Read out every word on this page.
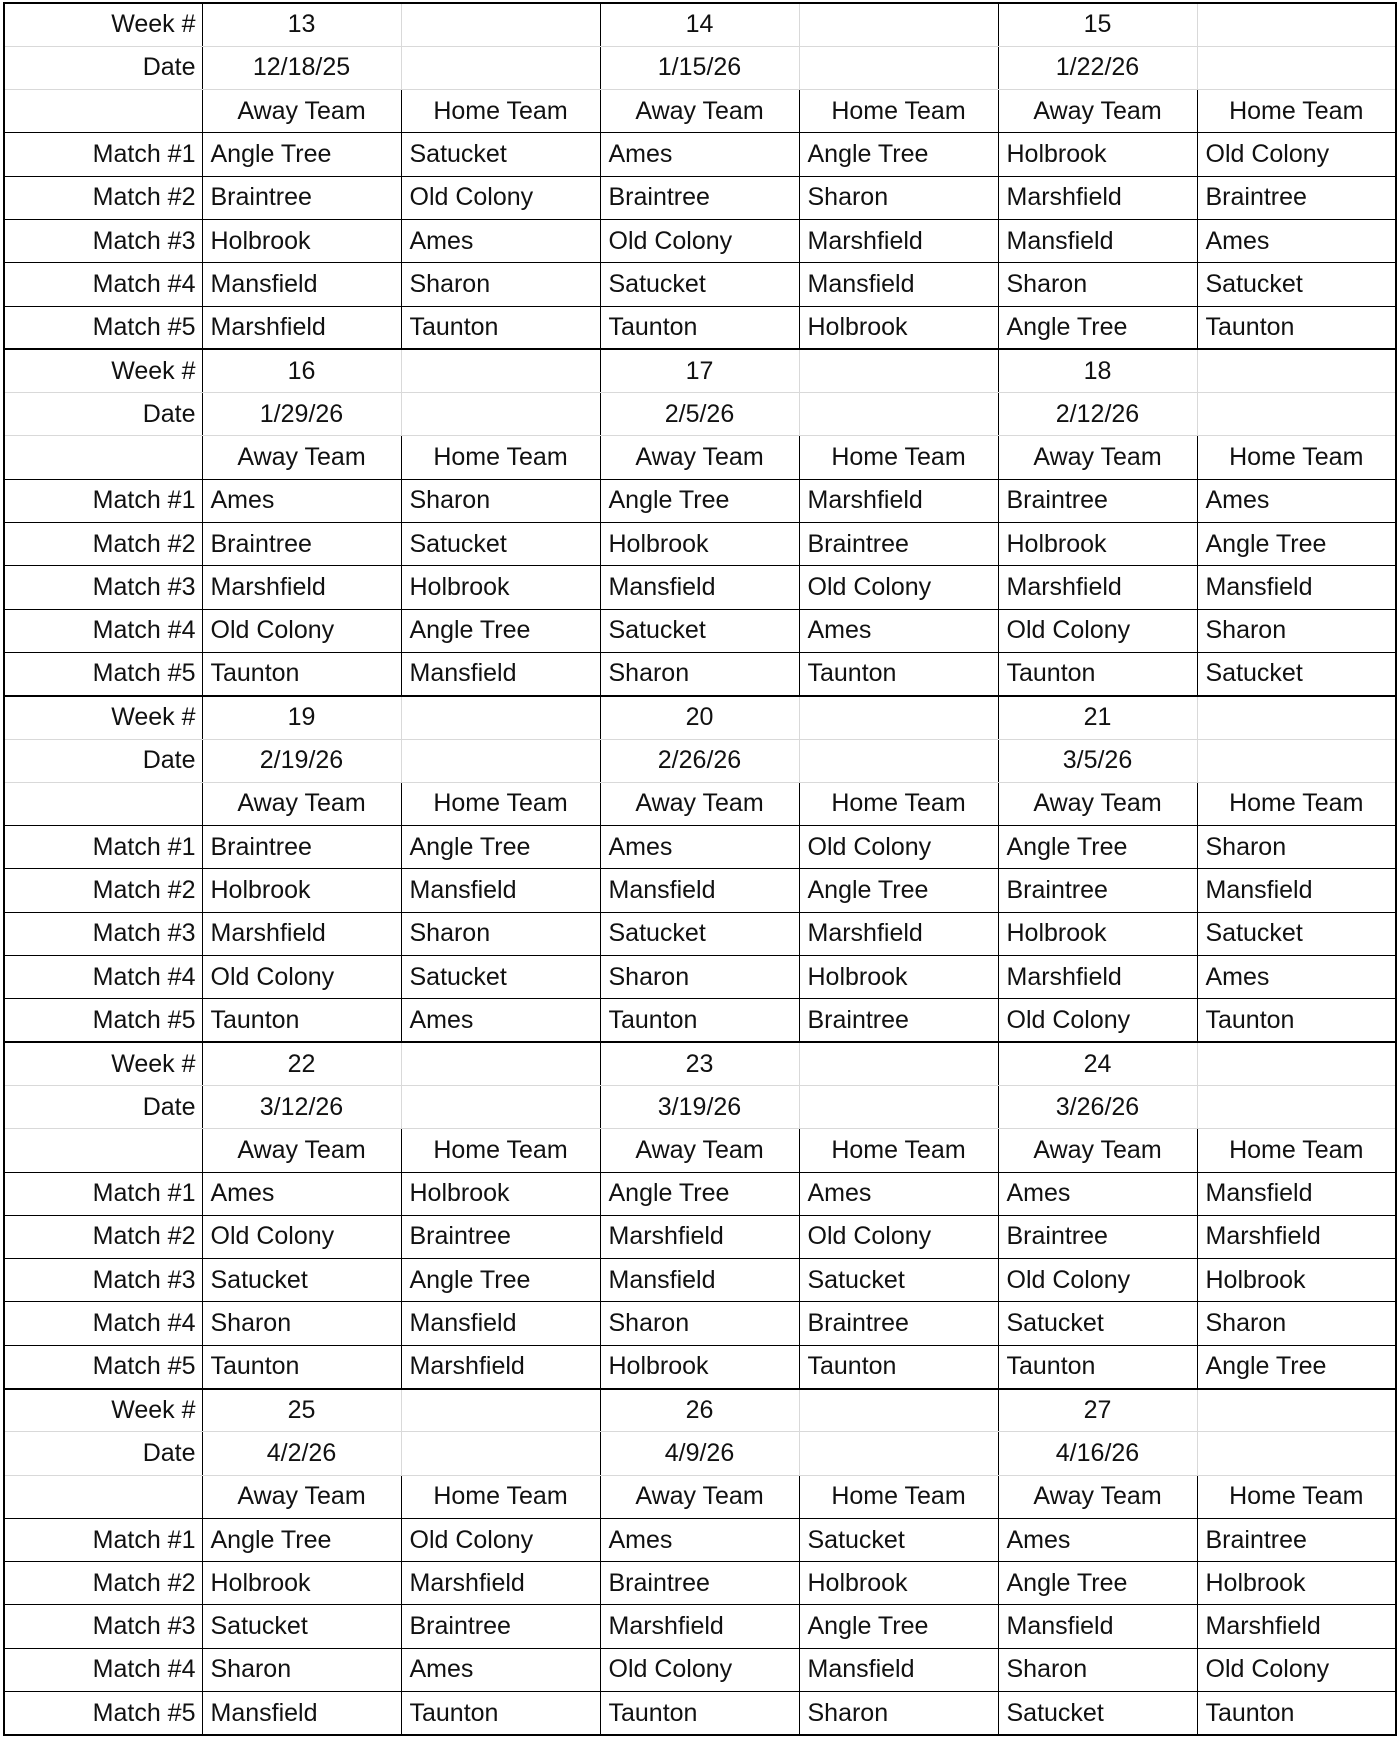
Week #	13		14		15	
Date	12/18/25		1/15/26		1/22/26	
	Away Team	Home Team	Away Team	Home Team	Away Team	Home Team
Match #1	Angle Tree	Satucket	Ames	Angle Tree	Holbrook	Old Colony
Match #2	Braintree	Old Colony	Braintree	Sharon	Marshfield	Braintree
Match #3	Holbrook	Ames	Old Colony	Marshfield	Mansfield	Ames
Match #4	Mansfield	Sharon	Satucket	Mansfield	Sharon	Satucket
Match #5	Marshfield	Taunton	Taunton	Holbrook	Angle Tree	Taunton
Week #	16		17		18	
Date	1/29/26		2/5/26		2/12/26	
	Away Team	Home Team	Away Team	Home Team	Away Team	Home Team
Match #1	Ames	Sharon	Angle Tree	Marshfield	Braintree	Ames
Match #2	Braintree	Satucket	Holbrook	Braintree	Holbrook	Angle Tree
Match #3	Marshfield	Holbrook	Mansfield	Old Colony	Marshfield	Mansfield
Match #4	Old Colony	Angle Tree	Satucket	Ames	Old Colony	Sharon
Match #5	Taunton	Mansfield	Sharon	Taunton	Taunton	Satucket
Week #	19		20		21	
Date	2/19/26		2/26/26		3/5/26	
	Away Team	Home Team	Away Team	Home Team	Away Team	Home Team
Match #1	Braintree	Angle Tree	Ames	Old Colony	Angle Tree	Sharon
Match #2	Holbrook	Mansfield	Mansfield	Angle Tree	Braintree	Mansfield
Match #3	Marshfield	Sharon	Satucket	Marshfield	Holbrook	Satucket
Match #4	Old Colony	Satucket	Sharon	Holbrook	Marshfield	Ames
Match #5	Taunton	Ames	Taunton	Braintree	Old Colony	Taunton
Week #	22		23		24	
Date	3/12/26		3/19/26		3/26/26	
	Away Team	Home Team	Away Team	Home Team	Away Team	Home Team
Match #1	Ames	Holbrook	Angle Tree	Ames	Ames	Mansfield
Match #2	Old Colony	Braintree	Marshfield	Old Colony	Braintree	Marshfield
Match #3	Satucket	Angle Tree	Mansfield	Satucket	Old Colony	Holbrook
Match #4	Sharon	Mansfield	Sharon	Braintree	Satucket	Sharon
Match #5	Taunton	Marshfield	Holbrook	Taunton	Taunton	Angle Tree
Week #	25		26		27	
Date	4/2/26		4/9/26		4/16/26	
	Away Team	Home Team	Away Team	Home Team	Away Team	Home Team
Match #1	Angle Tree	Old Colony	Ames	Satucket	Ames	Braintree
Match #2	Holbrook	Marshfield	Braintree	Holbrook	Angle Tree	Holbrook
Match #3	Satucket	Braintree	Marshfield	Angle Tree	Mansfield	Marshfield
Match #4	Sharon	Ames	Old Colony	Mansfield	Sharon	Old Colony
Match #5	Mansfield	Taunton	Taunton	Sharon	Satucket	Taunton
